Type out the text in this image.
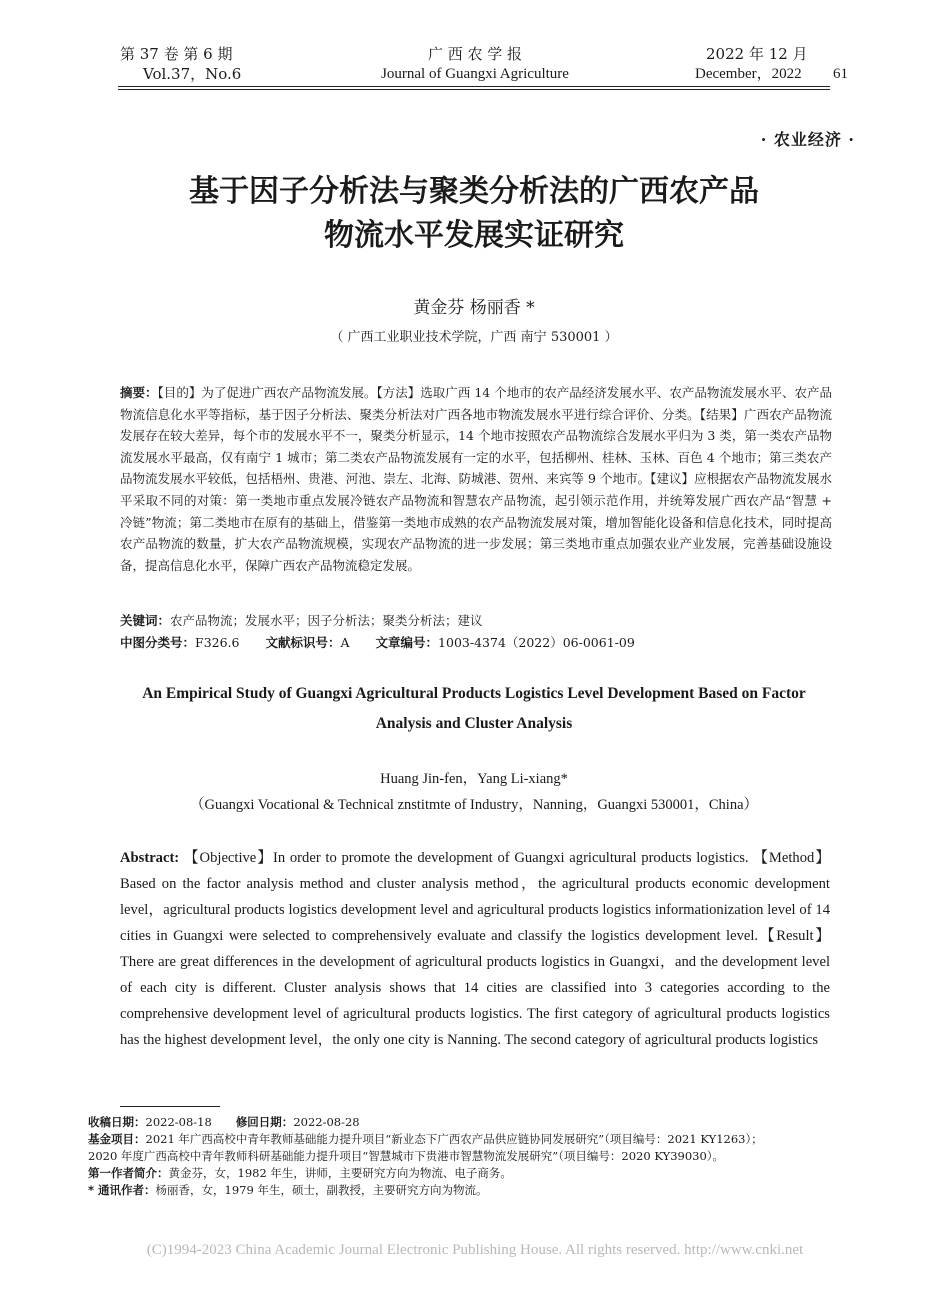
第 37 卷 第 6 期
Vol.37，No.6
广 西 农 学 报
Journal of Guangxi Agriculture
2022 年 12 月
December，2022 61
· 农业经济 ·
基于因子分析法与聚类分析法的广西农产品
物流水平发展实证研究
黄金芬 杨丽香 *
（ 广西工业职业技术学院，广西 南宁 530001 ）
摘要：【目的】为了促进广西农产品物流发展。【方法】选取广西 14 个地市的农产品经济发展水平、农产品物流发展水平、农产品物流信息化水平等指标，基于因子分析法、聚类分析法对广西各地市物流发展水平进行综合评价、分类。【结果】广西农产品物流发展存在较大差异，每个市的发展水平不一，聚类分析显示，14 个地市按照农产品物流综合发展水平归为 3 类，第一类农产品物流发展水平最高，仅有南宁 1 城市；第二类农产品物流发展有一定的水平，包括柳州、桂林、玉林、百色 4 个地市；第三类农产品物流发展水平较低，包括梧州、贵港、河池、崇左、北海、防城港、贺州、来宾等 9 个地市。【建议】应根据农产品物流发展水平采取不同的对策：第一类地市重点发展冷链农产品物流和智慧农产品物流，起引领示范作用，并统筹发展广西农产品“智慧 + 冷链”物流；第二类地市在原有的基础上，借鉴第一类地市成熟的农产品物流发展对策，增加智能化设备和信息化技术，同时提高农产品物流的数量，扩大农产品物流规模，实现农产品物流的进一步发展；第三类地市重点加强农业产业发展，完善基础设施设备，提高信息化水平，保障广西农产品物流稳定发展。
关键词：农产品物流；发展水平；因子分析法；聚类分析法；建议
中图分类号：F326.6 文献标识号：A 文章编号：1003-4374（2022）06-0061-09
An Empirical Study of Guangxi Agricultural Products Logistics Level Development Based on Factor
Analysis and Cluster Analysis
Huang Jin-fen，Yang Li-xiang*
（Guangxi Vocational & Technical znstitmte of Industry，Nanning，Guangxi 530001，China）
Abstract: 【Objective】In order to promote the development of Guangxi agricultural products logistics. 【Method】Based on the factor analysis method and cluster analysis method，the agricultural products economic development level，agricultural products logistics development level and agricultural products logistics informationization level of 14 cities in Guangxi were selected to comprehensively evaluate and classify the logistics development level.【Result】There are great differences in the development of agricultural products logistics in Guangxi，and the development level of each city is different. Cluster analysis shows that 14 cities are classified into 3 categories according to the comprehensive development level of agricultural products logistics. The first category of agricultural products logistics has the highest development level，the only one city is Nanning. The second category of agricultural products logistics
收稿日期：2022-08-18 修回日期：2022-08-28
基金项目：2021 年广西高校中青年教师基础能力提升项目“新业态下广西农产品供应链协同发展研究”（项目编号：2021 KY1263）；
2020 年度广西高校中青年教师科研基础能力提升项目“智慧城市下贵港市智慧物流发展研究”（项目编号：2020 KY39030）。
第一作者简介：黄金芬，女，1982 年生，讲师，主要研究方向为物流、电子商务。
* 通讯作者：杨丽香，女，1979 年生，硕士，副教授，主要研究方向为物流。
(C)1994-2023 China Academic Journal Electronic Publishing House. All rights reserved. http://www.cnki.net
